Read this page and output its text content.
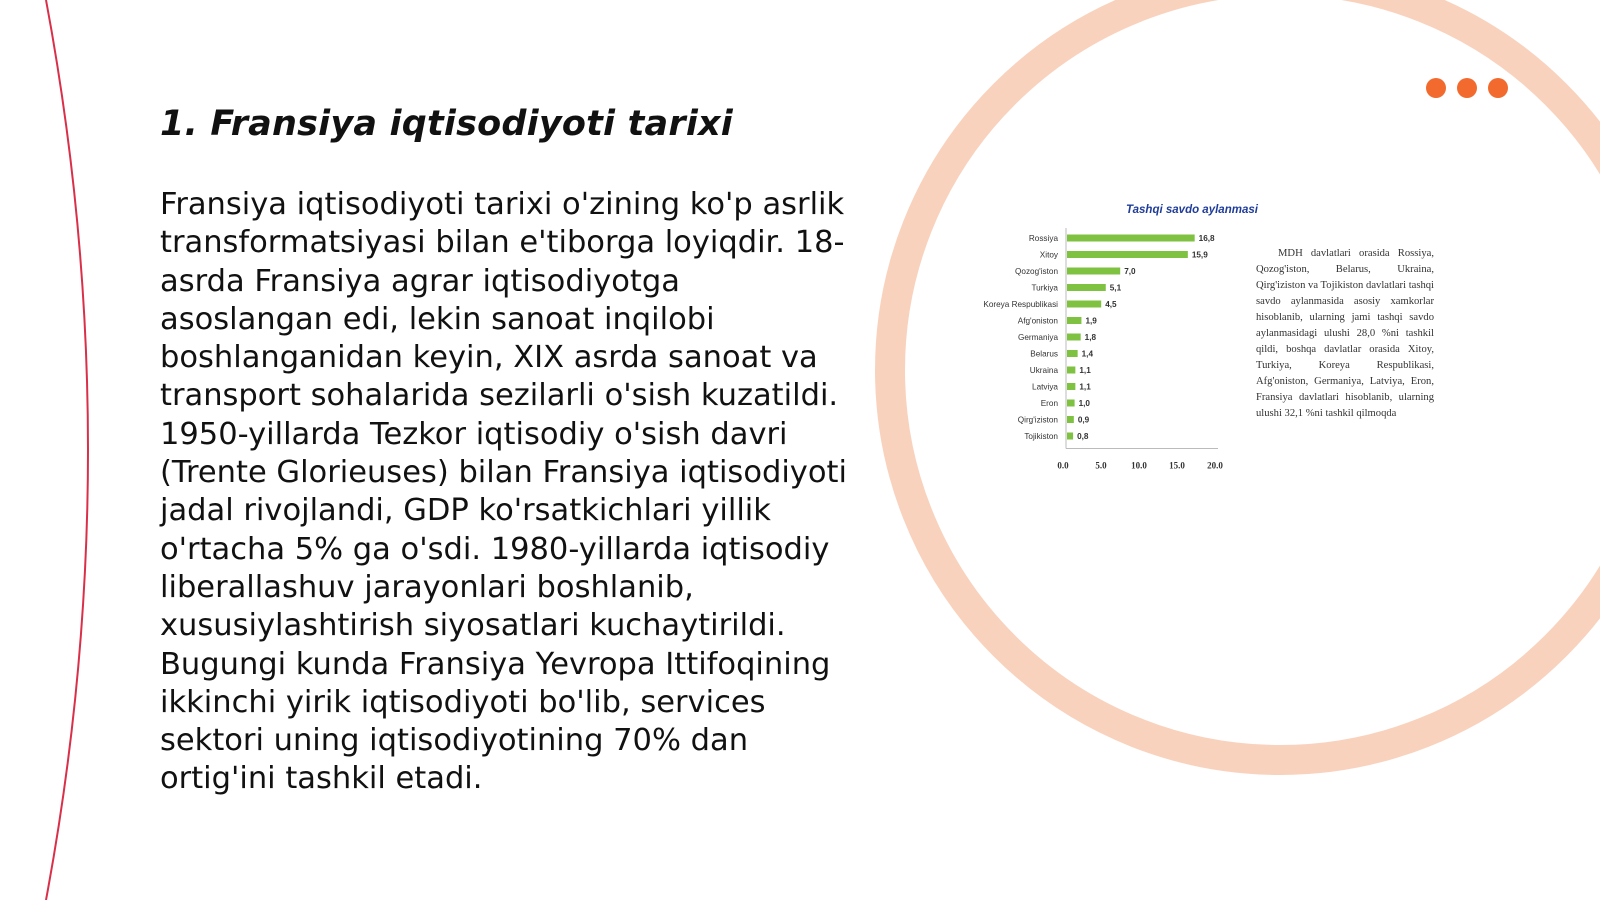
1. Fransiya iqtisodiyoti tarixi

Fransiya iqtisodiyoti tarixi o'zining ko'p asrlik transformatsiyasi bilan e'tiborga loyiqdir. 18-asrda Fransiya agrar iqtisodiyotga asoslangan edi, lekin sanoat inqilobi boshlanganidan keyin, XIX asrda sanoat va transport sohalarida sezilarli o'sish kuzatildi. 1950-yillarda Tezkor iqtisodiy o'sish davri (Trente Glorieuses) bilan Fransiya iqtisodiyoti jadal rivojlandi, GDP ko'rsatkichlari yillik o'rtacha 5% ga o'sdi. 1980-yillarda iqtisodiy liberallashuv jarayonlari boshlanib, xususiylashtirish siyosatlari kuchaytirildi. Bugungi kunda Fransiya Yevropa Ittifoqining ikkinchi yirik iqtisodiyoti bo'lib, services sektori uning iqtisodiyotining 70% dan ortig'ini tashkil etadi.

Tashqi savdo aylanmasi
Rossiya	16,8
Xitoy	15,9
Qozog'iston	7,0
Turkiya	5,1
Koreya Respublikasi	4,5
Afg'oniston	1,9
Germaniya	1,8
Belarus	1,4
Ukraina	1,1
Latviya	1,1
Eron	1,0
Qirg'iziston 0,9
Tojikiston 0,8
0.0	5.0	10.0 15.0 20.0

MDH davlatlari orasida Rossiya, Qozog'iston, Belarus, Ukraina, Qirg'iziston va Tojikiston davlatlari tashqi savdo aylanmasida asosiy xamkorlar hisoblanib, ularning jami tashqi savdo aylanmasidagi ulushi 28,0 %ni tashkil qildi, boshqa davlatlar orasida Xitoy, Turkiya, Koreya Respublikasi, Afg'oniston, Germaniya, Latviya, Eron, Fransiya davlatlari hisoblanib, ularning ulushi 32,1 %ni tashkil qilmoqda
